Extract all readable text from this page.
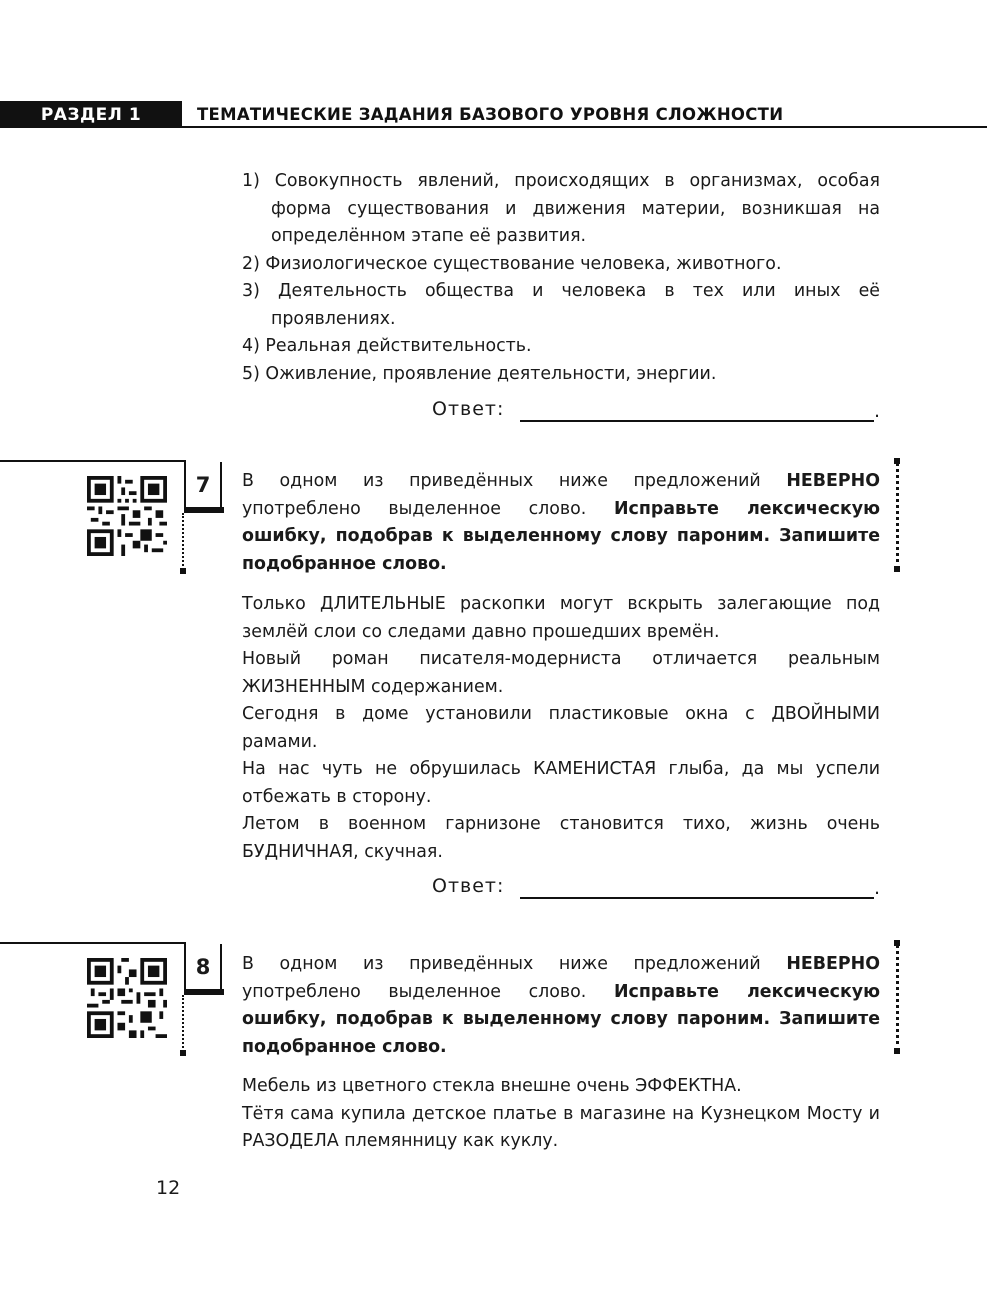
РАЗДЕЛ 1	ТЕМАТИЧЕСКИЕ ЗАДАНИЯ БАЗОВОГО УРОВНЯ СЛОЖНОСТИ
1) Совокупность явлений, происходящих в организмах, особая форма существования и движения материи, возникшая на определённом этапе её развития.
2) Физиологическое существование человека, животного.
3) Деятельность общества и человека в тех или иных её проявлениях.
4) Реальная действительность.
5) Оживление, проявление деятельности, энергии.
Ответ:	.
7	В одном из приведённых ниже предложений НЕВЕРНО употреблено выделенное слово. Исправьте лексическую ошибку, подобрав к выделенному слову пароним. Запишите подобранное слово.

Только ДЛИТЕЛЬНЫЕ раскопки могут вскрыть залегающие под землёй слои со следами давно прошедших времён.
Новый роман писателя-модерниста отличается реальным ЖИЗНЕННЫМ содержанием.
Сегодня в доме установили пластиковые окна с ДВОЙНЫМИ рамами.
На нас чуть не обрушилась КАМЕНИСТАЯ глыба, да мы успели отбежать в сторону.
Летом в военном гарнизоне становится тихо, жизнь очень БУДНИЧНАЯ, скучная.
Ответ:	.
8	В одном из приведённых ниже предложений НЕВЕРНО употреблено выделенное слово. Исправьте лексическую ошибку, подобрав к выделенному слову пароним. Запишите подобранное слово.

Мебель из цветного стекла внешне очень ЭФФЕКТНА.
Тётя сама купила детское платье в магазине на Кузнецком Мосту и РАЗОДЕЛА племянницу как куклу.
12
